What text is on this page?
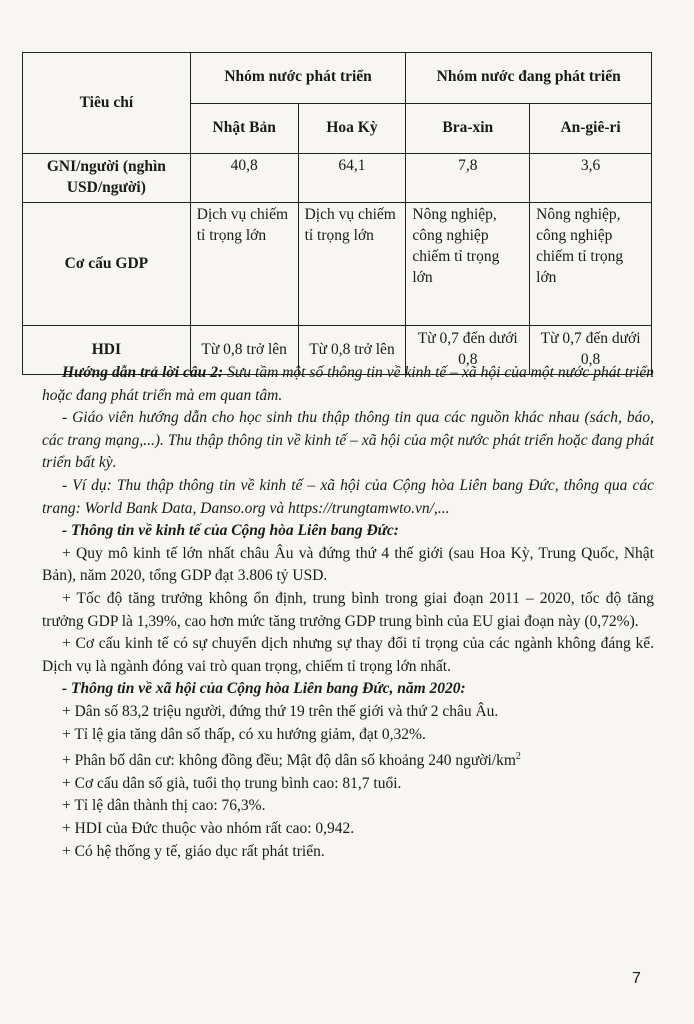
Tiêu chí	Nhóm nước phát triển		Nhóm nước đang phát triển	
	Nhật Bản	Hoa Kỳ	Bra-xin	An-giê-ri
GNI/người (nghìn USD/người)	40,8	64,1	7,8	3,6
Cơ cấu GDP	Dịch vụ chiếm tỉ trọng lớn	Dịch vụ chiếm tỉ trọng lớn	Nông nghiệp, công nghiệp chiếm tỉ trọng lớn	Nông nghiệp, công nghiệp chiếm tỉ trọng lớn
HDI	Từ 0,8 trở lên	Từ 0,8 trở lên	Từ 0,7 đến dưới 0,8	Từ 0,7 đến dưới 0,8

Hướng dẫn trả lời câu 2: Sưu tầm một số thông tin về kinh tế – xã hội của một nước phát triển hoặc đang phát triển mà em quan tâm.

- Giáo viên hướng dẫn cho học sinh thu thập thông tin qua các nguồn khác nhau (sách, báo, các trang mạng,...). Thu thập thông tin về kinh tế – xã hội của một nước phát triển hoặc đang phát triển bất kỳ.

- Ví dụ: Thu thập thông tin về kinh tế – xã hội của Cộng hòa Liên bang Đức, thông qua các trang: World Bank Data, Danso.org và https://trungtamwto.vn/,...

- Thông tin về kinh tế của Cộng hòa Liên bang Đức:

+ Quy mô kinh tế lớn nhất châu Âu và đứng thứ 4 thế giới (sau Hoa Kỳ, Trung Quốc, Nhật Bản), năm 2020, tổng GDP đạt 3.806 tỷ USD.

+ Tốc độ tăng trưởng không ổn định, trung bình trong giai đoạn 2011 – 2020, tốc độ tăng trưởng GDP là 1,39%, cao hơn mức tăng trưởng GDP trung bình của EU giai đoạn này (0,72%).

+ Cơ cấu kinh tế có sự chuyển dịch nhưng sự thay đổi tỉ trọng của các ngành không đáng kể. Dịch vụ là ngành đóng vai trò quan trọng, chiếm tỉ trọng lớn nhất.

- Thông tin về xã hội của Cộng hòa Liên bang Đức, năm 2020:

+ Dân số 83,2 triệu người, đứng thứ 19 trên thế giới và thứ 2 châu Âu.

+ Tỉ lệ gia tăng dân số thấp, có xu hướng giảm, đạt 0,32%.

+ Phân bố dân cư: không đồng đều; Mật độ dân số khoảng 240 người/$km^2$

+ Cơ cấu dân số già, tuổi thọ trung bình cao: 81,7 tuổi.

+ Tỉ lệ dân thành thị cao: 76,3%.

+ HDI của Đức thuộc vào nhóm rất cao: 0,942.

+ Có hệ thống y tế, giáo dục rất phát triển.

7
